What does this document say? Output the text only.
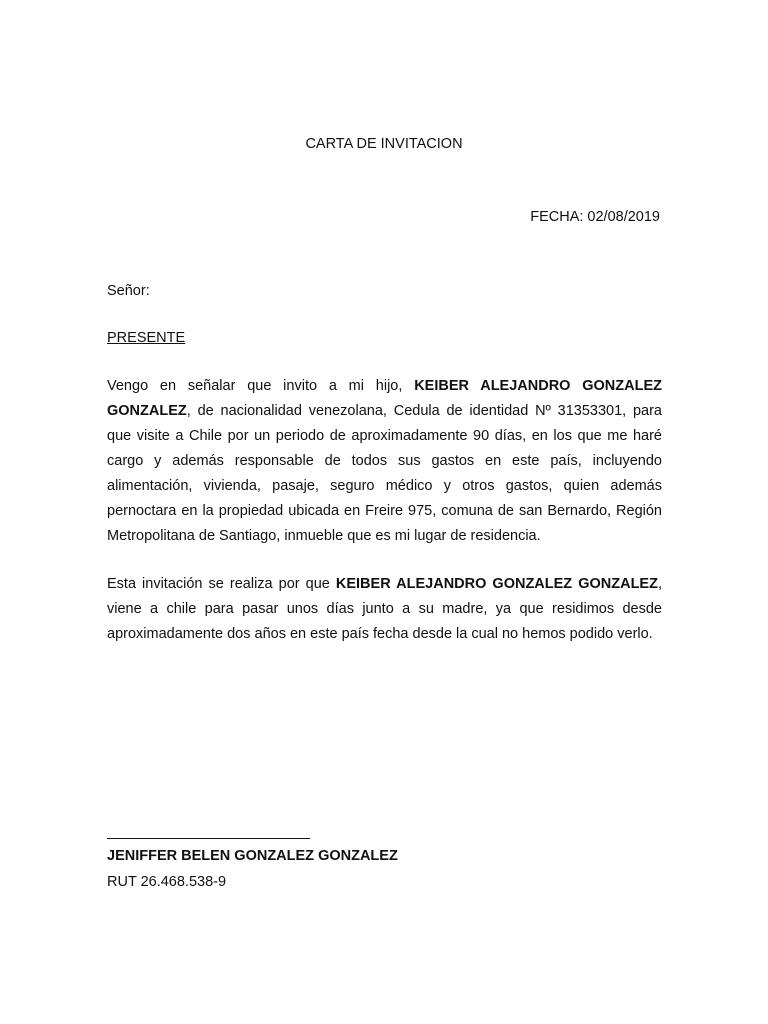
CARTA DE INVITACION
FECHA: 02/08/2019
Señor:
PRESENTE
Vengo en señalar que invito a mi hijo, KEIBER ALEJANDRO GONZALEZ GONZALEZ, de nacionalidad venezolana, Cedula de identidad Nº 31353301, para que visite a Chile por un periodo de aproximadamente 90 días, en los que me haré cargo y además responsable de todos sus gastos en este país, incluyendo alimentación, vivienda, pasaje, seguro médico y otros gastos, quien además pernoctara en la propiedad ubicada en Freire 975, comuna de san Bernardo, Región Metropolitana de Santiago, inmueble que es mi lugar de residencia.
Esta invitación se realiza por que KEIBER ALEJANDRO GONZALEZ GONZALEZ, viene a chile para pasar unos días junto a su madre, ya que residimos desde aproximadamente dos años en este país fecha desde la cual no hemos podido verlo.
JENIFFER BELEN GONZALEZ GONZALEZ
RUT 26.468.538-9
